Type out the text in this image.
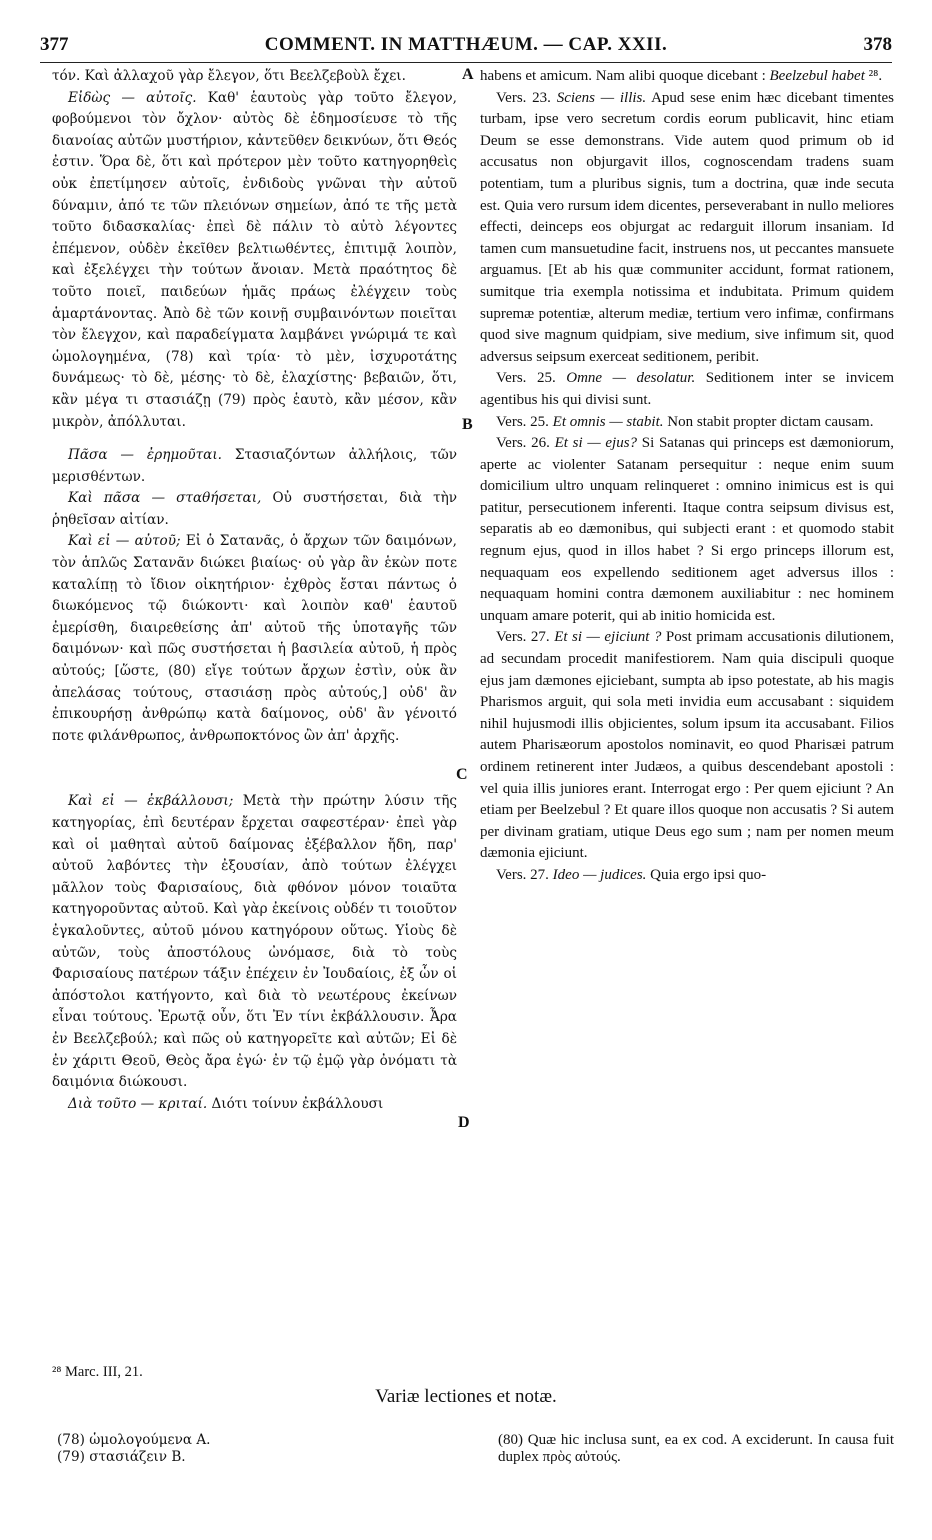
377	COMMENT. IN MATTHÆUM. — CAP. XXII.	378

τόν. Καὶ ἀλλαχοῦ γὰρ ἔλεγον, ὅτι Βεελζεβοὺλ ἔχει.

Εἰδὼς — αὐτοῖς. Καθ' ἑαυτοὺς γὰρ τοῦτο ἔλεγον, φοβούμενοι τὸν ὄχλον· αὐτὸς δὲ ἐδημοσίευσε τὸ τῆς διανοίας αὐτῶν μυστήριον, κἀντεῦθεν δεικνύων, ὅτι Θεός ἐστιν. Ὅρα δὲ, ὅτι καὶ πρότερον μὲν τοῦτο κατηγορηθεὶς οὐκ ἐπετίμησεν αὐτοῖς, ἐνδιδοὺς γνῶναι τὴν αὐτοῦ δύναμιν, ἀπό τε τῶν πλειόνων σημείων, ἀπό τε τῆς μετὰ τοῦτο διδασκαλίας· ἐπεὶ δὲ πάλιν τὸ αὐτὸ λέγοντες ἐπέμενον, οὐδὲν ἐκεῖθεν βελτιωθέντες, ἐπιτιμᾷ λοιπὸν, καὶ ἐξελέγχει τὴν τούτων ἄνοιαν. Μετὰ πραότητος δὲ τοῦτο ποιεῖ, παιδεύων ἡμᾶς πράως ἐλέγχειν τοὺς ἁμαρτάνοντας. Ἀπὸ δὲ τῶν κοινῇ συμβαινόντων ποιεῖται τὸν ἔλεγχον, καὶ παραδείγματα λαμβάνει γνώριμά τε καὶ ὡμολογημένα, (78) καὶ τρία· τὸ μὲν, ἰσχυροτάτης δυνάμεως· τὸ δὲ, μέσης· τὸ δὲ, ἐλαχίστης· βεβαιῶν, ὅτι, κἂν μέγα τι στασιάζῃ (79) πρὸς ἑαυτὸ, κἂν μέσον, κἂν μικρὸν, ἀπόλλυται.

Πᾶσα — ἐρημοῦται. Στασιαζόντων ἀλλήλοις, τῶν μερισθέντων.

Καὶ πᾶσα — σταθήσεται, Οὐ συστήσεται, διὰ τὴν ῥηθεῖσαν αἰτίαν.

Καὶ εἰ — αὐτοῦ; Εἰ ὁ Σατανᾶς, ὁ ἄρχων τῶν δαιμόνων, τὸν ἁπλῶς Σατανᾶν διώκει βιαίως· οὐ γὰρ ἂν ἑκὼν ποτε καταλίπῃ τὸ ἴδιον οἰκητήριον· ἐχθρὸς ἔσται πάντως ὁ διωκόμενος τῷ διώκοντι· καὶ λοιπὸν καθ' ἑαυτοῦ ἐμερίσθη, διαιρεθείσης ἀπ' αὐτοῦ τῆς ὑποταγῆς τῶν δαιμόνων· καὶ πῶς συστήσεται ἡ βασιλεία αὐτοῦ, ἡ πρὸς αὐτούς; [ὥστε, (80) εἴγε τούτων ἄρχων ἐστὶν, οὐκ ἂν ἀπελάσας τούτους, στασιάσῃ πρὸς αὐτούς,] οὐδ' ἂν ἐπικουρήσῃ ἀνθρώπῳ κατὰ δαίμονος, οὐδ' ἂν γένοιτό ποτε φιλάνθρωπος, ἀνθρωποκτόνος ὢν ἀπ' ἀρχῆς.

Καὶ εἰ — ἐκβάλλουσι; Μετὰ τὴν πρώτην λύσιν τῆς κατηγορίας, ἐπὶ δευτέραν ἔρχεται σαφεστέραν· ἐπεὶ γὰρ καὶ οἱ μαθηταὶ αὐτοῦ δαίμονας ἐξέβαλλον ἤδη, παρ' αὐτοῦ λαβόντες τὴν ἐξουσίαν, ἀπὸ τούτων ἐλέγχει μᾶλλον τοὺς Φαρισαίους, διὰ φθόνον μόνον τοιαῦτα κατηγοροῦντας αὐτοῦ. Καὶ γὰρ ἐκείνοις οὐδέν τι τοιοῦτον ἐγκαλοῦντες, αὐτοῦ μόνου κατηγόρουν οὕτως. Υἱοὺς δὲ αὐτῶν, τοὺς ἀποστόλους ὠνόμασε, διὰ τὸ τοὺς Φαρισαίους πατέρων τάξιν ἐπέχειν ἐν Ἰουδαίοις, ἐξ ὧν οἱ ἀπόστολοι κατήγοντο, καὶ διὰ τὸ νεωτέρους ἐκείνων εἶναι τούτους. Ἐρωτᾷ οὖν, ὅτι Ἐν τίνι ἐκβάλλουσιν. Ἆρα ἐν Βεελζεβούλ; καὶ πῶς οὐ κατηγορεῖτε καὶ αὐτῶν; Εἰ δὲ ἐν χάριτι Θεοῦ, Θεὸς ἄρα ἐγώ· ἐν τῷ ἐμῷ γὰρ ὀνόματι τὰ δαιμόνια διώκουσι.

Διὰ τοῦτο — κριταί. Διότι τοίνυν ἐκβάλλουσι

A
B
C
D

habens et amicum. Nam alibi quoque dicebant : Beelzebul habet ²⁸.

Vers. 23. Sciens — illis. Apud sese enim hæc dicebant timentes turbam, ipse vero secretum cordis eorum publicavit, hinc etiam Deum se esse demonstrans. Vide autem quod primum ob id accusatus non objurgavit illos, cognoscendam tradens suam potentiam, tum a pluribus signis, tum a doctrina, quæ inde secuta est. Quia vero rursum idem dicentes, perseverabant in nullo meliores effecti, deinceps eos objurgat ac redarguit illorum insaniam. Id tamen cum mansuetudine facit, instruens nos, ut peccantes mansuete arguamus. [Et ab his quæ communiter accidunt, format rationem, sumitque tria exempla notissima et indubitata. Primum quidem supremæ potentiæ, alterum mediæ, tertium vero infimæ, confirmans quod sive magnum quidpiam, sive medium, sive infimum sit, quod adversus seipsum exerceat seditionem, peribit.

Vers. 25. Omne — desolatur. Seditionem inter se invicem agentibus his qui divisi sunt.

Vers. 25. Et omnis — stabit. Non stabit propter dictam causam.

Vers. 26. Et si — ejus? Si Satanas qui princeps est dæmoniorum, aperte ac violenter Satanam persequitur : neque enim suum domicilium ultro unquam relinqueret : omnino inimicus est is qui patitur, persecutionem inferenti. Itaque contra seipsum divisus est, separatis ab eo dæmonibus, qui subjecti erant : et quomodo stabit regnum ejus, quod in illos habet ? Si ergo princeps illorum est, nequaquam eos expellendo seditionem aget adversus illos : nequaquam homini contra dæmonem auxiliabitur : nec hominem unquam amare poterit, qui ab initio homicida est.

Vers. 27. Et si — ejiciunt ? Post primam accusationis dilutionem, ad secundam procedit manifestiorem. Nam quia discipuli quoque ejus jam dæmones ejiciebant, sumpta ab ipso potestate, ab his magis Pharismos arguit, qui sola meti invidia eum accusabant : siquidem nihil hujusmodi illis objicientes, solum ipsum ita accusabant. Filios autem Pharisæorum apostolos nominavit, eo quod Pharisæi patrum ordinem retinerent inter Judæos, a quibus descendebant apostoli : vel quia illis juniores erant. Interrogat ergo : Per quem ejiciunt ? An etiam per Beelzebul ? Et quare illos quoque non accusatis ? Si autem per divinam gratiam, utique Deus ego sum ; nam per nomen meum dæmonia ejiciunt.

Vers. 27. Ideo — judices. Quia ergo ipsi quo-

²⁸ Marc. III, 21.
Variæ lectiones et notæ.
(78) ὡμολογούμενα A.
(79) στασιάζειν B.
(80) Quæ hic inclusa sunt, ea ex cod. A exciderunt. In causa fuit duplex πρὸς αὐτούς.
